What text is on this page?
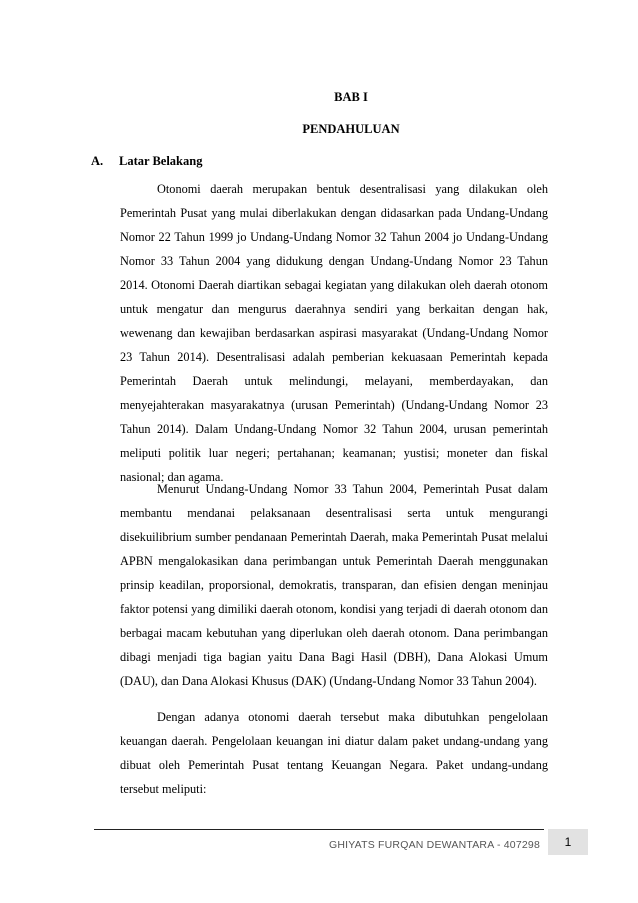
BAB I
PENDAHULUAN
A. Latar Belakang

Otonomi daerah merupakan bentuk desentralisasi yang dilakukan oleh Pemerintah Pusat yang mulai diberlakukan dengan didasarkan pada Undang-Undang Nomor 22 Tahun 1999 jo Undang-Undang Nomor 32 Tahun 2004 jo Undang-Undang Nomor 33 Tahun 2004 yang didukung dengan Undang-Undang Nomor 23 Tahun 2014. Otonomi Daerah diartikan sebagai kegiatan yang dilakukan oleh daerah otonom untuk mengatur dan mengurus daerahnya sendiri yang berkaitan dengan hak, wewenang dan kewajiban berdasarkan aspirasi masyarakat (Undang-Undang Nomor 23 Tahun 2014). Desentralisasi adalah pemberian kekuasaan Pemerintah kepada Pemerintah Daerah untuk melindungi, melayani, memberdayakan, dan menyejahterakan masyarakatnya (urusan Pemerintah) (Undang-Undang Nomor 23 Tahun 2014). Dalam Undang-Undang Nomor 32 Tahun 2004, urusan pemerintah meliputi politik luar negeri; pertahanan; keamanan; yustisi; moneter dan fiskal nasional; dan agama.

Menurut Undang-Undang Nomor 33 Tahun 2004, Pemerintah Pusat dalam membantu mendanai pelaksanaan desentralisasi serta untuk mengurangi disekuilibrium sumber pendanaan Pemerintah Daerah, maka Pemerintah Pusat melalui APBN mengalokasikan dana perimbangan untuk Pemerintah Daerah menggunakan prinsip keadilan, proporsional, demokratis, transparan, dan efisien dengan meninjau faktor potensi yang dimiliki daerah otonom, kondisi yang terjadi di daerah otonom dan berbagai macam kebutuhan yang diperlukan oleh daerah otonom. Dana perimbangan dibagi menjadi tiga bagian yaitu Dana Bagi Hasil (DBH), Dana Alokasi Umum (DAU), dan Dana Alokasi Khusus (DAK) (Undang-Undang Nomor 33 Tahun 2004).

Dengan adanya otonomi daerah tersebut maka dibutuhkan pengelolaan keuangan daerah. Pengelolaan keuangan ini diatur dalam paket undang-undang yang dibuat oleh Pemerintah Pusat tentang Keuangan Negara. Paket undang-undang tersebut meliputi:

GHIYATS FURQAN DEWANTARA - 407298 1
